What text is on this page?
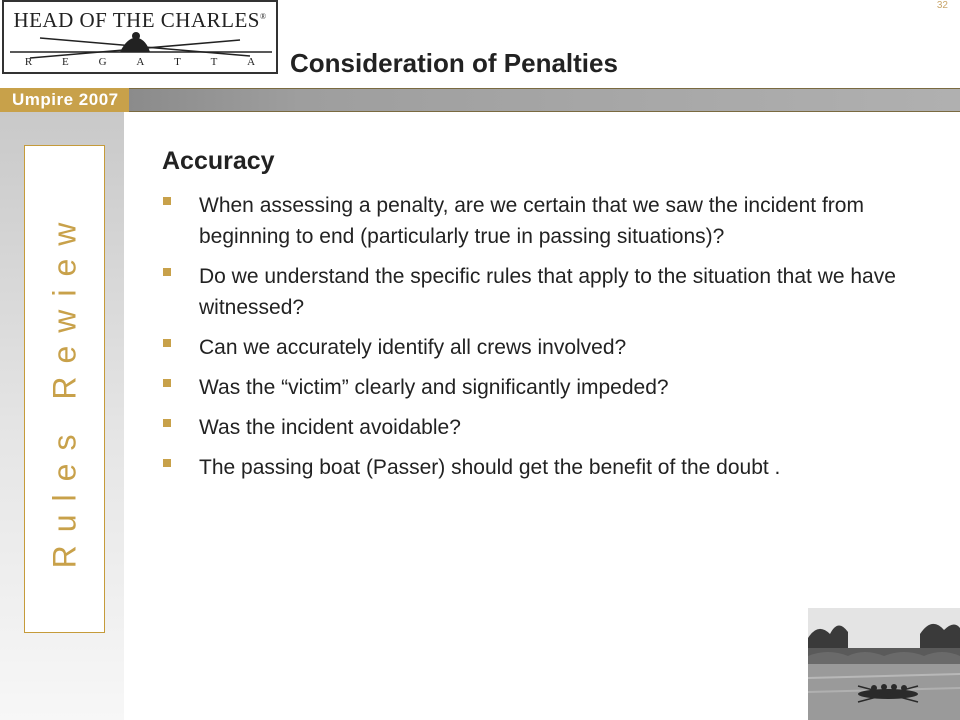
HEAD OF THE CHARLES®
R	E	G	A	T	T	A
32
Consideration of Penalties
Umpire 2007
Rules Rewiew
Accuracy
When assessing a penalty, are we certain that we saw the incident from beginning to end (particularly true in passing situations)?
Do we understand the specific rules that apply to the situation that we have witnessed?
Can we accurately identify all crews involved?
Was the “victim” clearly and significantly impeded?
Was the incident avoidable?
The passing boat (Passer) should get the benefit of the doubt .
